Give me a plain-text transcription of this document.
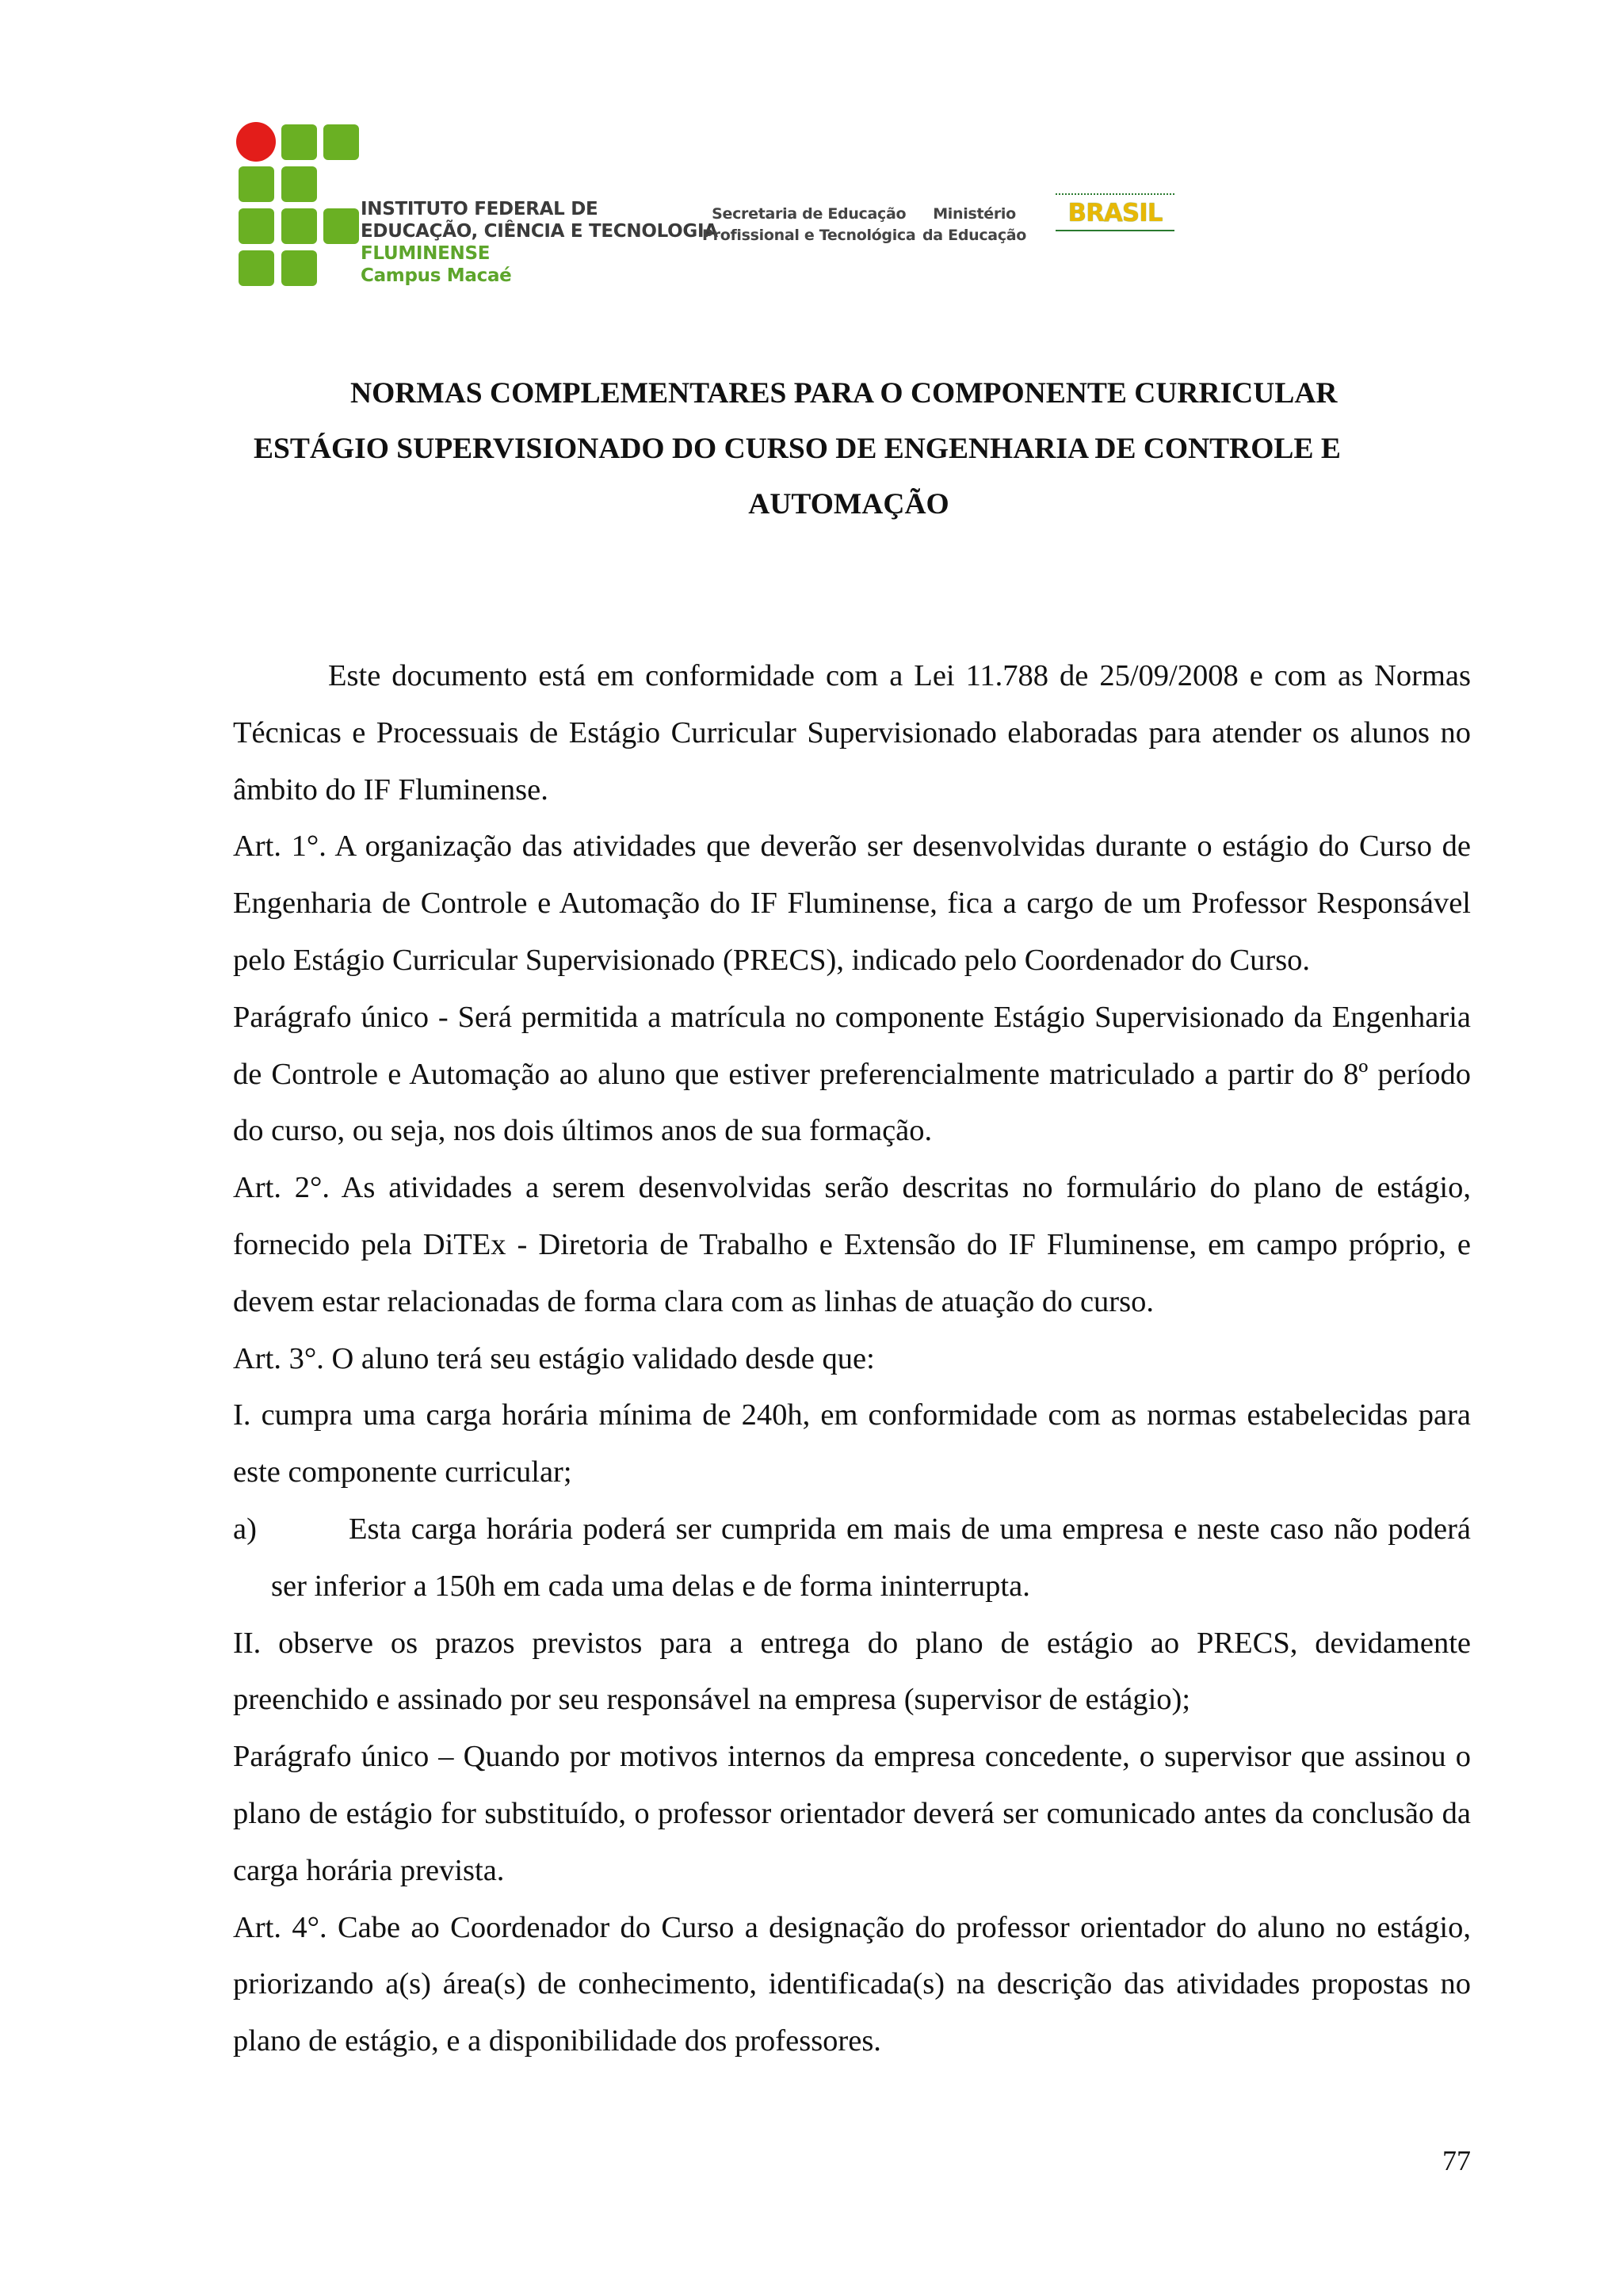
INSTITUTO FEDERAL DE
EDUCAÇÃO, CIÊNCIA E TECNOLOGIA
FLUMINENSE
Campus Macaé
Secretaria de Educação
Profissional e Tecnológica
Ministério
da Educação
BRASIL
NORMAS COMPLEMENTARES PARA O COMPONENTE CURRICULAR
ESTÁGIO SUPERVISIONADO DO CURSO DE ENGENHARIA DE CONTROLE E
AUTOMAÇÃO

Este documento está em conformidade com a Lei 11.788 de 25/09/2008 e com as Normas Técnicas e Processuais de Estágio Curricular Supervisionado elaboradas para atender os alunos no âmbito do IF Fluminense.

Art. 1°. A organização das atividades que deverão ser desenvolvidas durante o estágio do Curso de Engenharia de Controle e Automação do IF Fluminense, fica a cargo de um Professor Responsável pelo Estágio Curricular Supervisionado (PRECS), indicado pelo Coordenador do Curso.

Parágrafo único - Será permitida a matrícula no componente Estágio Supervisionado da Engenharia de Controle e Automação ao aluno que estiver preferencialmente matriculado a partir do 8º período do curso, ou seja, nos dois últimos anos de sua formação.

Art. 2°. As atividades a serem desenvolvidas serão descritas no formulário do plano de estágio, fornecido pela DiTEx - Diretoria de Trabalho e Extensão do IF Fluminense, em campo próprio, e devem estar relacionadas de forma clara com as linhas de atuação do curso.

Art. 3°. O aluno terá seu estágio validado desde que:

I. cumpra uma carga horária mínima de 240h, em conformidade com as normas estabelecidas para este componente curricular;

a)	Esta carga horária poderá ser cumprida em mais de uma empresa e neste caso não poderá ser inferior a 150h em cada uma delas e de forma ininterrupta.

II. observe os prazos previstos para a entrega do plano de estágio ao PRECS, devidamente preenchido e assinado por seu responsável na empresa (supervisor de estágio);

Parágrafo único – Quando por motivos internos da empresa concedente, o supervisor que assinou o plano de estágio for substituído, o professor orientador deverá ser comunicado antes da conclusão da carga horária prevista.

Art. 4°. Cabe ao Coordenador do Curso a designação do professor orientador do aluno no estágio, priorizando a(s) área(s) de conhecimento, identificada(s) na descrição das atividades propostas no plano de estágio, e a disponibilidade dos professores.

77
